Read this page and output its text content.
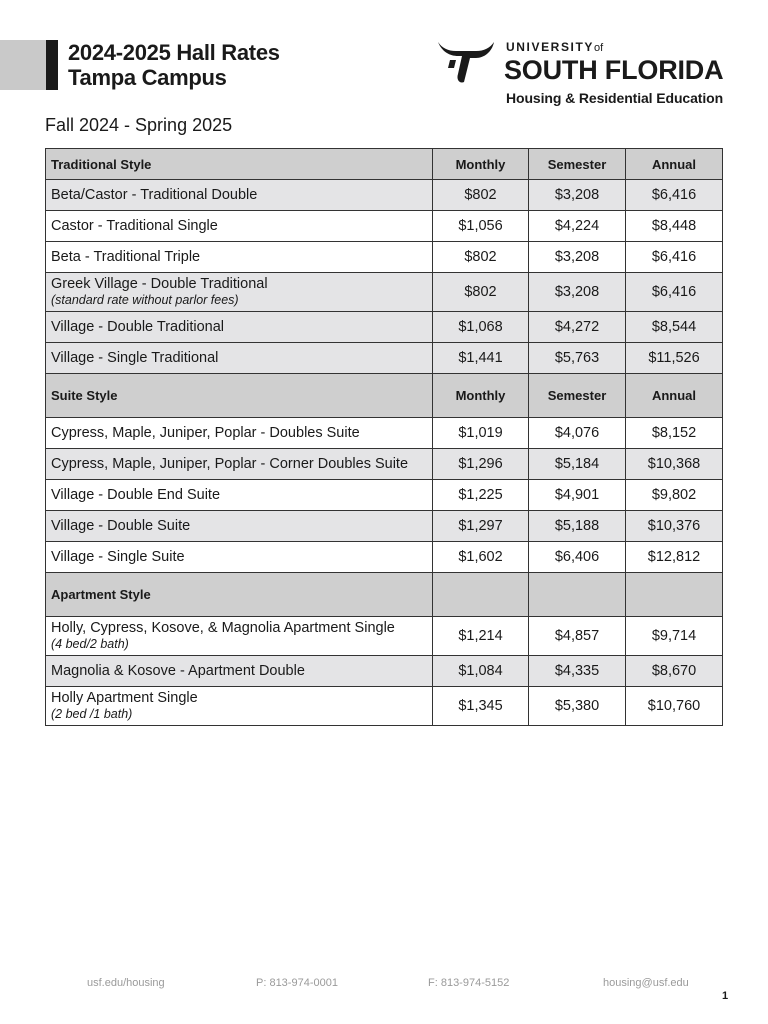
2024-2025 Hall Rates
Tampa Campus
UNIVERSITYof
SOUTH FLORIDA
Housing & Residential Education
Fall 2024 - Spring 2025
Traditional Style	Monthly	Semester	Annual
Beta/Castor - Traditional Double	$802	$3,208	$6,416
Castor - Traditional Single	$1,056	$4,224	$8,448
Beta - Traditional Triple	$802	$3,208	$6,416

Greek Village - Double Traditional
(standard rate without parlor fees)	$802	$3,208	$6,416
Village - Double Traditional	$1,068	$4,272	$8,544
Village - Single Traditional	$1,441	$5,763	$11,526
Suite Style	Monthly	Semester	Annual
Cypress, Maple, Juniper, Poplar - Doubles Suite	$1,019	$4,076	$8,152
Cypress, Maple, Juniper, Poplar - Corner Doubles Suite	$1,296	$5,184	$10,368
Village - Double End Suite	$1,225	$4,901	$9,802
Village - Double Suite	$1,297	$5,188	$10,376
Village - Single Suite	$1,602	$6,406	$12,812
Apartment Style			

Holly, Cypress, Kosove, & Magnolia Apartment Single
(4 bed/2 bath)	$1,214	$4,857	$9,714
Magnolia & Kosove - Apartment Double	$1,084	$4,335	$8,670

Holly Apartment Single
(2 bed /1 bath)	$1,345	$5,380	$10,760
usf.edu/housing	P: 813-974-0001	F: 813-974-5152	housing@usf.edu
1
